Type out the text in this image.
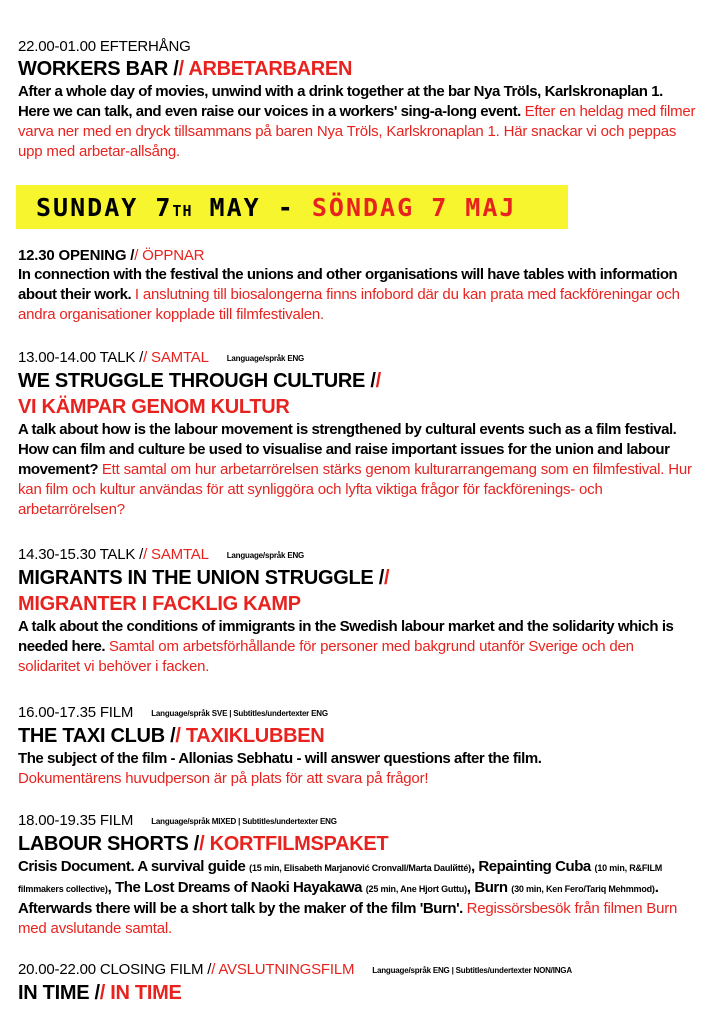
22.00-01.00 EFTERHÅNG
WORKERS BAR // ARBETARBAREN
After a whole day of movies, unwind with a drink together at the bar Nya Tröls, Karlskronaplan 1. Here we can talk, and even raise our voices in a workers' sing-a-long event. Efter en heldag med filmer varva ner med en dryck tillsammans på baren Nya Tröls, Karlskronaplan 1. Här snackar vi och peppas upp med arbetar-allsång.
SUNDAY 7TH MAY - SÖNDAG 7 MAJ
12.30 OPENING // ÖPPNAR
In connection with the festival the unions and other organisations will have tables with information about their work. I anslutning till biosalongerna finns infobord där du kan prata med fackföreningar och andra organisationer kopplade till filmfestivalen.
13.00-14.00 TALK // SAMTAL Language/språk ENG
WE STRUGGLE THROUGH CULTURE //
VI KÄMPAR GENOM KULTUR
A talk about how is the labour movement is strengthened by cultural events such as a film festival. How can film and culture be used to visualise and raise important issues for the union and labour movement? Ett samtal om hur arbetarrörelsen stärks genom kulturarrangemang som en filmfestival. Hur kan film och kultur användas för att synliggöra och lyfta viktiga frågor för fackförenings- och arbetarrörelsen?
14.30-15.30 TALK // SAMTAL Language/språk ENG
MIGRANTS IN THE UNION STRUGGLE //
MIGRANTER I FACKLIG KAMP
A talk about the conditions of immigrants in the Swedish labour market and the solidarity which is needed here. Samtal om arbetsförhållande för personer med bakgrund utanför Sverige och den solidaritet vi behöver i facken.
16.00-17.35 FILM Language/språk SVE | Subtitles/undertexter ENG
THE TAXI CLUB // TAXIKLUBBEN
The subject of the film - Allonias Sebhatu - will answer questions after the film.
Dokumentärens huvudperson är på plats för att svara på frågor!
18.00-19.35 FILM Language/språk MIXED | Subtitles/undertexter ENG
LABOUR SHORTS // KORTFILMSPAKET
Crisis Document. A survival guide (15 min, Elisabeth Marjanović Cronvall/Marta Daulйtté), Repainting Cuba (10 min, R&FILM filmmakers collective), The Lost Dreams of Naoki Hayakawa (25 min, Ane Hjort Guttu), Burn (30 min, Ken Fero/Tariq Mehmmod). Afterwards there will be a short talk by the maker of the film 'Burn'. Regissörsbesök från filmen Burn med avslutande samtal.
20.00-22.00 CLOSING FILM // AVSLUTNINGSFILM Language/språk ENG | Subtitles/undertexter NON/INGA
IN TIME // IN TIME
